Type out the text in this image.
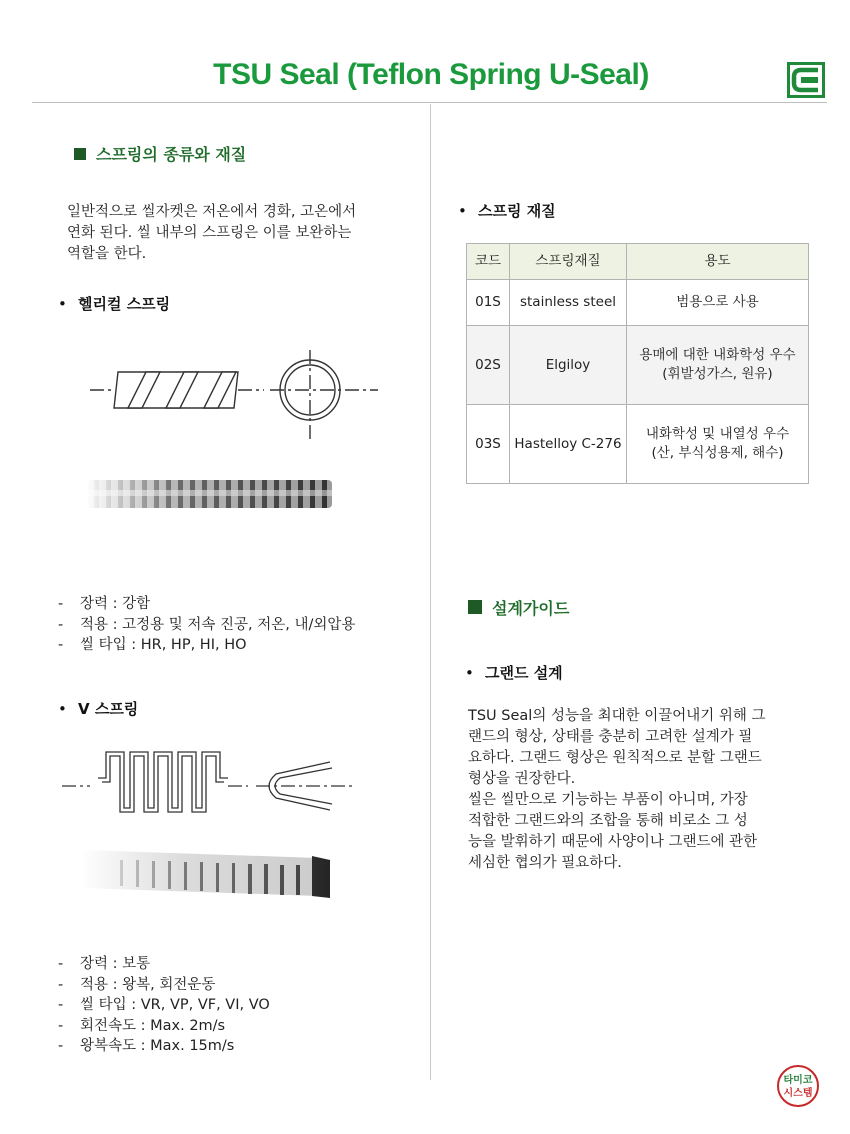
TSU Seal (Teflon Spring U-Seal)
스프링의 종류와 재질
일반적으로 씰자켓은 저온에서 경화, 고온에서
연화 된다. 씰 내부의 스프링은 이를 보완하는
역할을 한다.
• 헬리컬 스프링
- 장력 : 강함
- 적용 : 고정용 및 저속 진공, 저온, 내/외압용
- 씰 타입 : HR, HP, HI, HO
• V 스프링
- 장력 : 보통
- 적용 : 왕복, 회전운동
- 씰 타입 : VR, VP, VF, VI, VO
- 회전속도 : Max. 2m/s
- 왕복속도 : Max. 15m/s
• 스프링 재질
코드	스프링재질	용도
01S	stainless steel	범용으로 사용

02S	Elgiloy	용매에 대한 내화학성 우수
(휘발성가스, 원유)

03S	Hastelloy C-276	내화학성 및 내열성 우수
(산, 부식성용제, 해수)
설계가이드
• 그랜드 설계
TSU Seal의 성능을 최대한 이끌어내기 위해 그
랜드의 형상, 상태를 충분히 고려한 설계가 필
요하다. 그랜드 형상은 원칙적으로 분할 그랜드
형상을 권장한다.
씰은 씰만으로 기능하는 부품이 아니며, 가장
적합한 그랜드와의 조합을 통해 비로소 그 성
능을 발휘하기 때문에 사양이나 그랜드에 관한
세심한 협의가 필요하다.
타미코
시스템
